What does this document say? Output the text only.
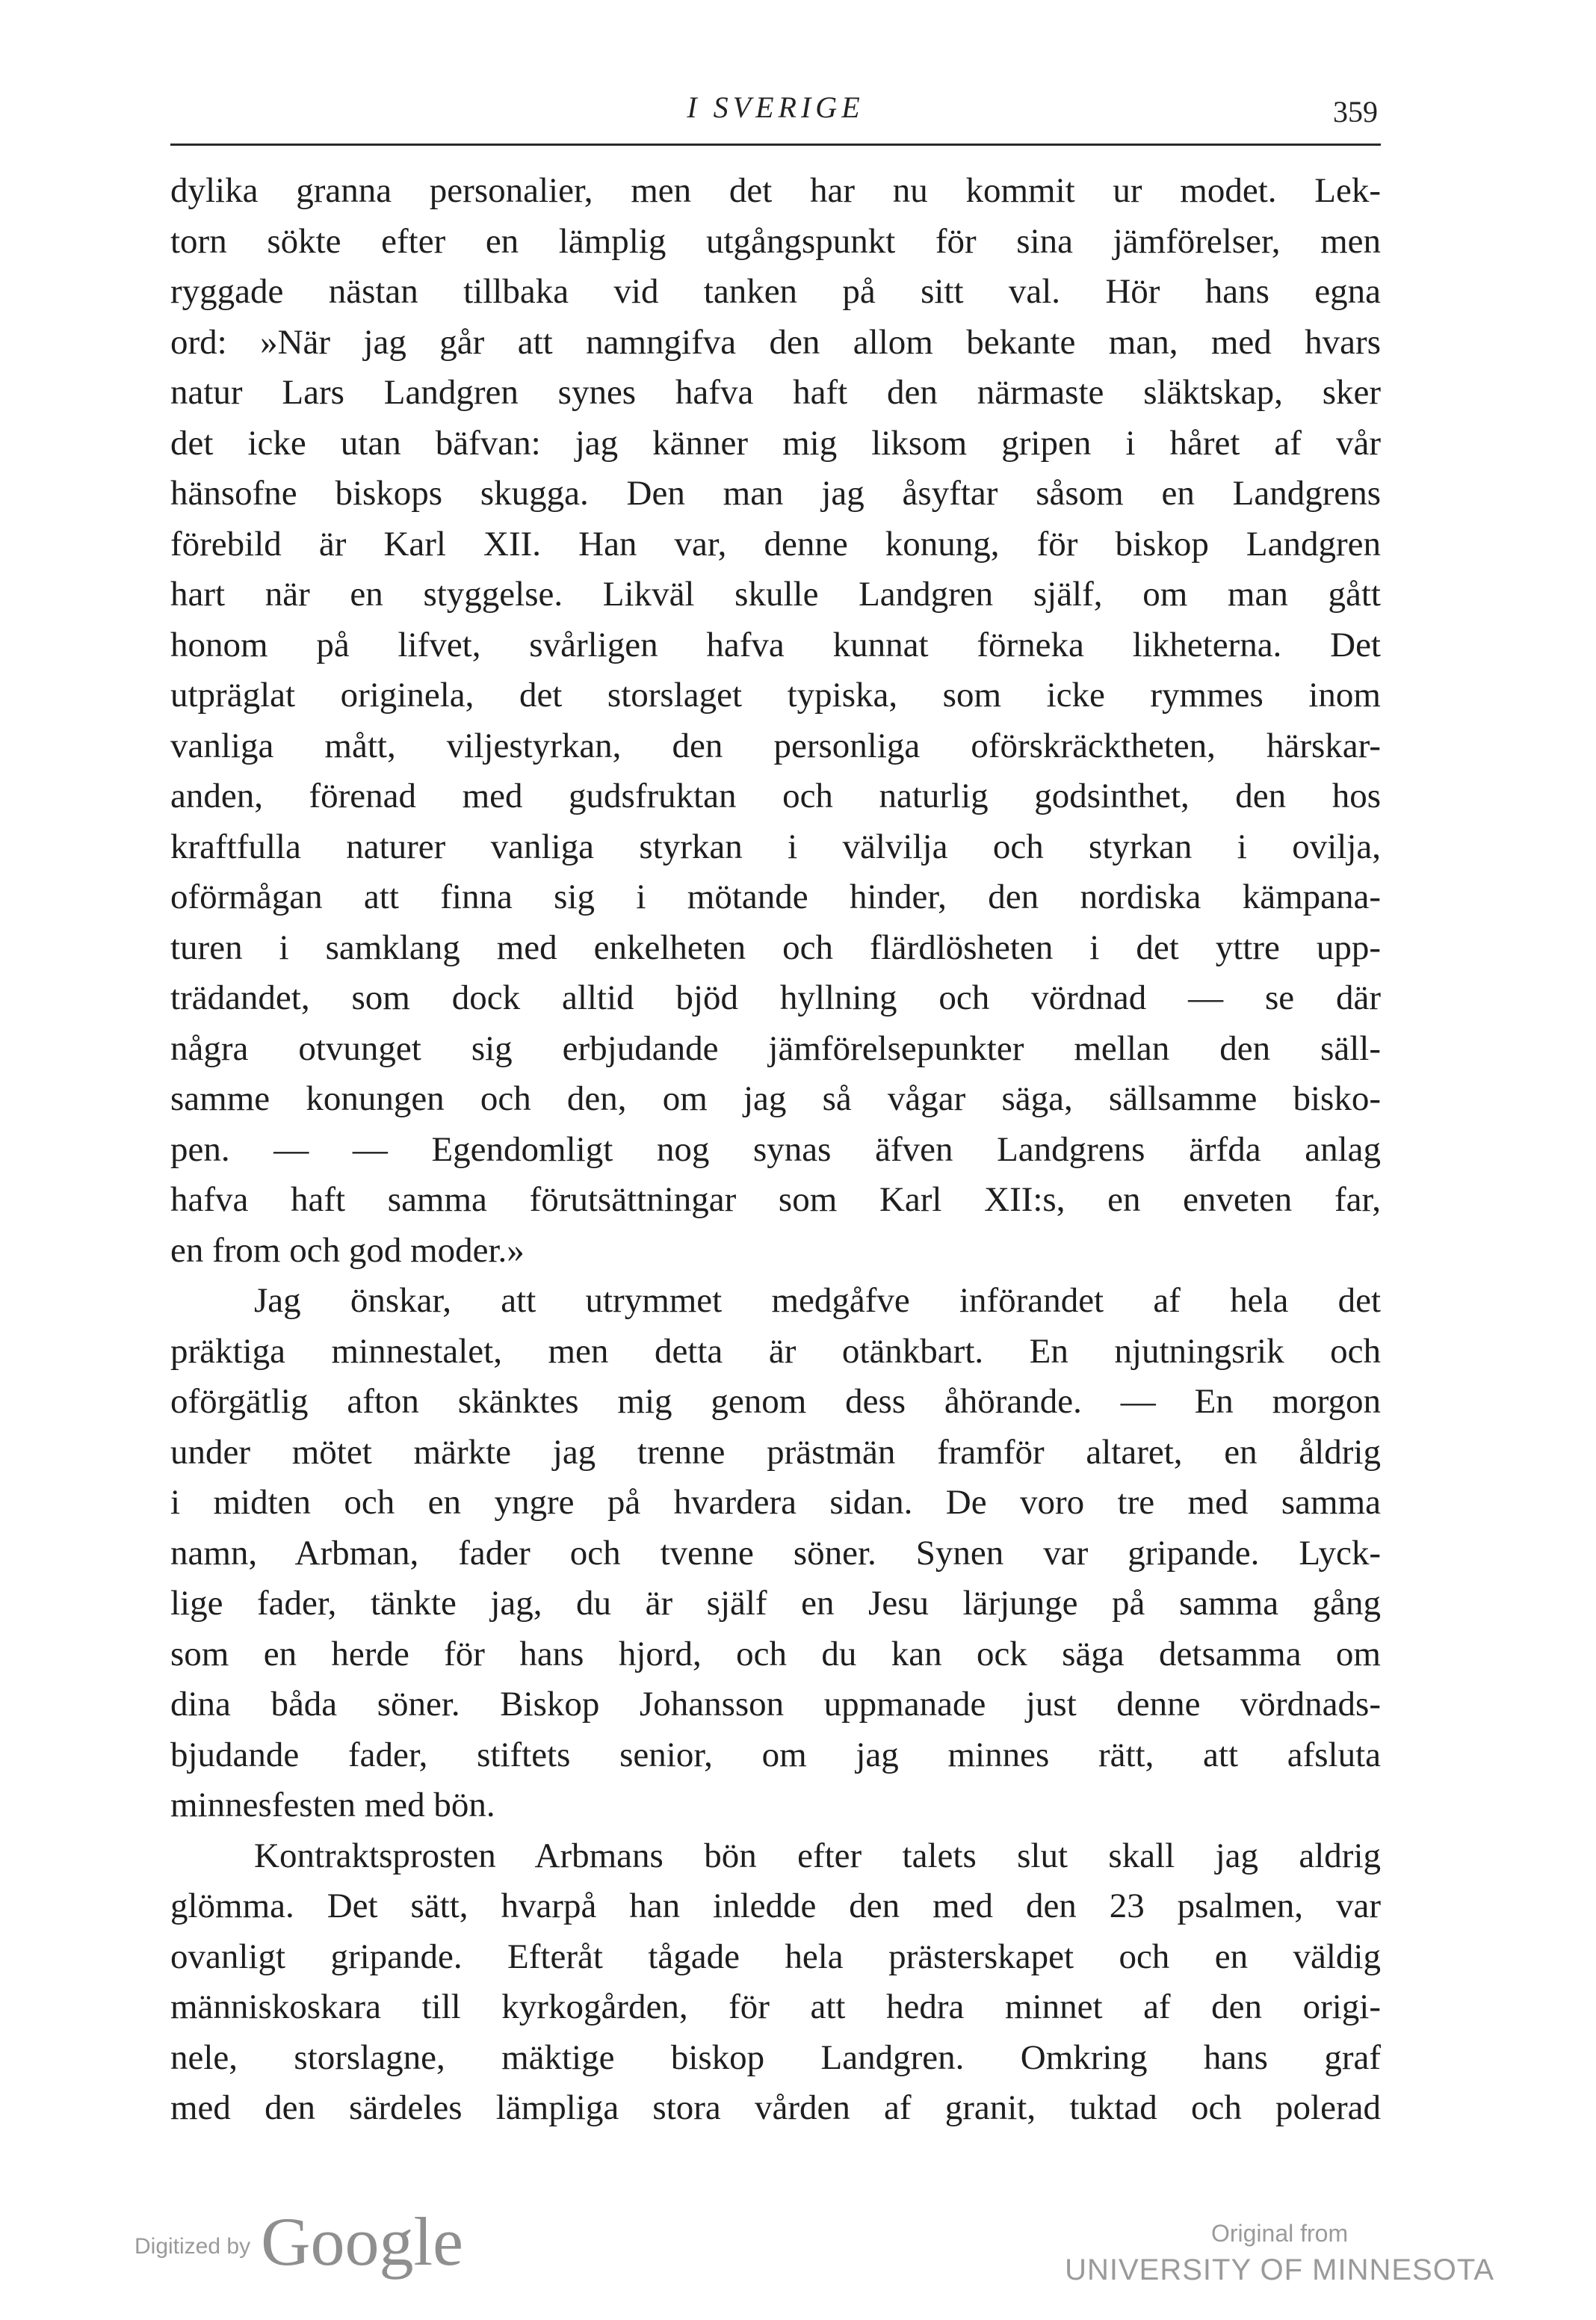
I SVERIGE	359
dylika granna personalier, men det har nu kommit ur modet. Lek-
torn sökte efter en lämplig utgångspunkt för sina jämförelser, men
ryggade nästan tillbaka vid tanken på sitt val. Hör hans egna
ord: »När jag går att namngifva den allom bekante man, med hvars
natur Lars Landgren synes hafva haft den närmaste släktskap, sker
det icke utan bäfvan: jag känner mig liksom gripen i håret af vår
hänsofne biskops skugga. Den man jag åsyftar såsom en Landgrens
förebild är Karl XII. Han var, denne konung, för biskop Landgren
hart när en styggelse. Likväl skulle Landgren själf, om man gått
honom på lifvet, svårligen hafva kunnat förneka likheterna. Det
utpräglat originela, det storslaget typiska, som icke rymmes inom
vanliga mått, viljestyrkan, den personliga oförskräcktheten, härskar-
anden, förenad med gudsfruktan och naturlig godsinthet, den hos
kraftfulla naturer vanliga styrkan i välvilja och styrkan i ovilja,
oförmågan att finna sig i mötande hinder, den nordiska kämpana-
turen i samklang med enkelheten och flärdlösheten i det yttre upp-
trädandet, som dock alltid bjöd hyllning och vördnad — se där
några otvunget sig erbjudande jämförelsepunkter mellan den säll-
samme konungen och den, om jag så vågar säga, sällsamme bisko-
pen. — — Egendomligt nog synas äfven Landgrens ärfda anlag
hafva haft samma förutsättningar som Karl XII:s, en enveten far,
en from och god moder.»
Jag önskar, att utrymmet medgåfve införandet af hela det
präktiga minnestalet, men detta är otänkbart. En njutningsrik och
oförgätlig afton skänktes mig genom dess åhörande. — En morgon
under mötet märkte jag trenne prästmän framför altaret, en åldrig
i midten och en yngre på hvardera sidan. De voro tre med samma
namn, Arbman, fader och tvenne söner. Synen var gripande. Lyck-
lige fader, tänkte jag, du är själf en Jesu lärjunge på samma gång
som en herde för hans hjord, och du kan ock säga detsamma om
dina båda söner. Biskop Johansson uppmanade just denne vördnads-
bjudande fader, stiftets senior, om jag minnes rätt, att afsluta
minnesfesten med bön.
Kontraktsprosten Arbmans bön efter talets slut skall jag aldrig
glömma. Det sätt, hvarpå han inledde den med den 23 psalmen, var
ovanligt gripande. Efteråt tågade hela prästerskapet och en väldig
människoskara till kyrkogården, för att hedra minnet af den origi-
nele, storslagne, mäktige biskop Landgren. Omkring hans graf
med den särdeles lämpliga stora vården af granit, tuktad och polerad
Digitized by Google	Original from
UNIVERSITY OF MINNESOTA
